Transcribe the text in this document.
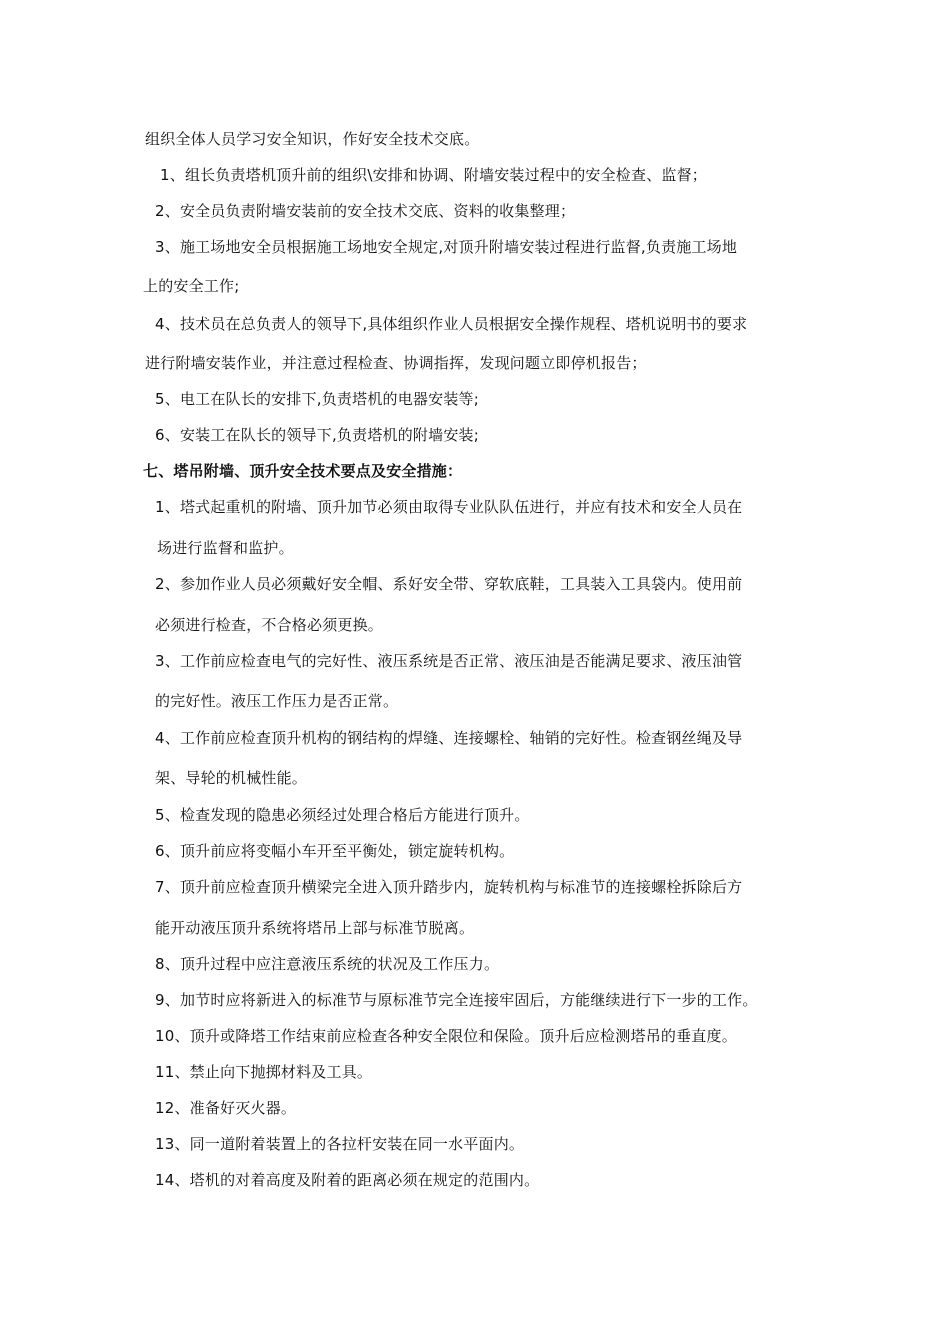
组织全体人员学习安全知识，作好安全技术交底。
1、组长负责塔机顶升前的组织\安排和协调、附墙安装过程中的安全检查、监督；
2、安全员负责附墙安装前的安全技术交底、资料的收集整理；
3、施工场地安全员根据施工场地安全规定,对顶升附墙安装过程进行监督,负责施工场地
上的安全工作;
4、技术员在总负责人的领导下,具体组织作业人员根据安全操作规程、塔机说明书的要求
进行附墙安装作业，并注意过程检查、协调指挥，发现问题立即停机报告；
5、电工在队长的安排下,负责塔机的电器安装等;
6、安装工在队长的领导下,负责塔机的附墙安装;
七、塔吊附墙、顶升安全技术要点及安全措施：
1、塔式起重机的附墙、顶升加节必须由取得专业队队伍进行，并应有技术和安全人员在
场进行监督和监护。
2、参加作业人员必须戴好安全帽、系好安全带、穿软底鞋，工具装入工具袋内。使用前
必须进行检查，不合格必须更换。
3、工作前应检查电气的完好性、液压系统是否正常、液压油是否能满足要求、液压油管
的完好性。液压工作压力是否正常。
4、工作前应检查顶升机构的钢结构的焊缝、连接螺栓、轴销的完好性。检查钢丝绳及导
架、导轮的机械性能。
5、检查发现的隐患必须经过处理合格后方能进行顶升。
6、顶升前应将变幅小车开至平衡处，锁定旋转机构。
7、顶升前应检查顶升横梁完全进入顶升踏步内，旋转机构与标准节的连接螺栓拆除后方
能开动液压顶升系统将塔吊上部与标准节脱离。
8、顶升过程中应注意液压系统的状况及工作压力。
9、加节时应将新进入的标准节与原标准节完全连接牢固后，方能继续进行下一步的工作。
10、顶升或降塔工作结束前应检查各种安全限位和保险。顶升后应检测塔吊的垂直度。
11、禁止向下抛掷材料及工具。
12、准备好灭火器。
13、同一道附着装置上的各拉杆安装在同一水平面内。
14、塔机的对着高度及附着的距离必须在规定的范围内。
